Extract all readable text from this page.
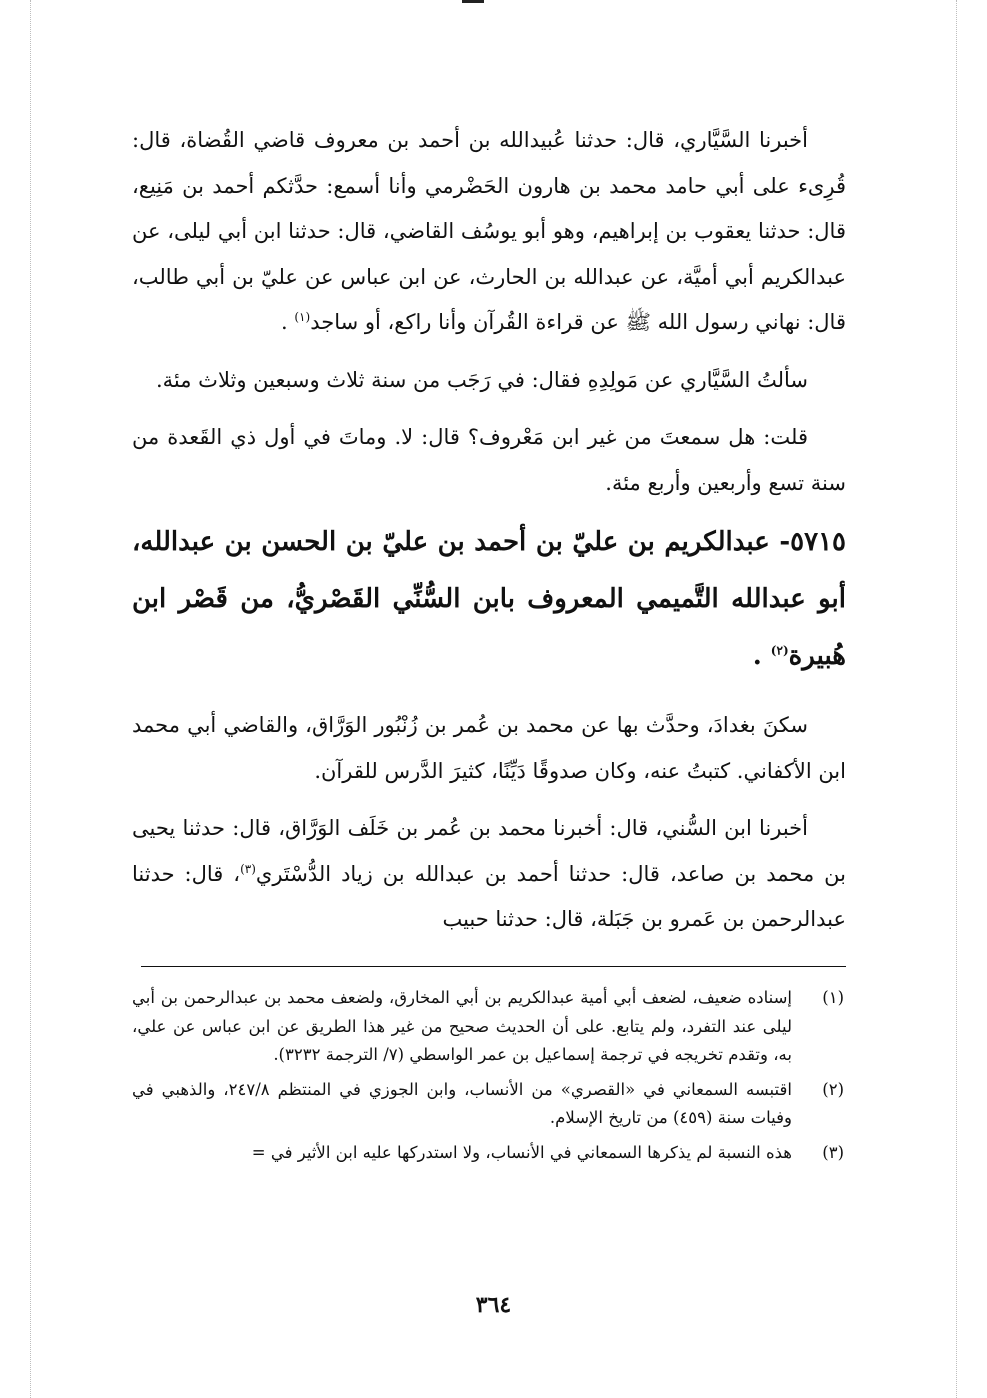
أخبرنا السَّيَّاري، قال: حدثنا عُبيدالله بن أحمد بن معروف قاضي القُضاة، قال: قُرِىء على أبي حامد محمد بن هارون الحَضْرمي وأنا أسمع: حدَّثكم أحمد بن مَنِيع، قال: حدثنا يعقوب بن إبراهيم، وهو أبو يوسُف القاضي، قال: حدثنا ابن أبي ليلى، عن عبدالكريم أبي أميَّة، عن عبدالله بن الحارث، عن ابن عباس عن عليّ بن أبي طالب، قال: نهاني رسول الله ﷺ عن قراءة القُرآن وأنا راكع، أو ساجد$^{(١)}$ .

سألتُ السَّيَّاري عن مَولِدِهِ فقال: في رَجَب من سنة ثلاث وسبعين وثلاث مئة.

قلت: هل سمعتَ من غير ابن مَعْروف؟ قال: لا. وماتَ في أول ذي القَعدة من سنة تسع وأربعين وأربع مئة.

٥٧١٥- عبدالكريم بن عليّ بن أحمد بن عليّ بن الحسن بن عبدالله، أبو عبدالله التَّميمي المعروف بابن السُّنِّي القَصْريُّ، من قَصْر ابن هُبيرة$^{(٢)}$ .

سكنَ بغدادَ، وحدَّث بها عن محمد بن عُمر بن زُنْبُور الوَرَّاق، والقاضي أبي محمد ابن الأكفاني. كتبتُ عنه، وكان صدوقًا دَيِّنًا، كثيرَ الدَّرس للقرآن.

أخبرنا ابن السُّني، قال: أخبرنا محمد بن عُمر بن خَلَف الوَرَّاق، قال: حدثنا يحيى بن محمد بن صاعد، قال: حدثنا أحمد بن عبدالله بن زياد الدُّسْتَري$^{(٣)}$، قال: حدثنا عبدالرحمن بن عَمرو بن جَبَلة، قال: حدثنا حبيب

(١)
إسناده ضعيف، لضعف أبي أمية عبدالكريم بن أبي المخارق، ولضعف محمد بن عبدالرحمن بن أبي ليلى عند التفرد، ولم يتابع. على أن الحديث صحيح من غير هذا الطريق عن ابن عباس عن علي، به، وتقدم تخريجه في ترجمة إسماعيل بن عمر الواسطي (٧/ الترجمة ٣٢٣٢).
(٢)
اقتبسه السمعاني في «القصري» من الأنساب، وابن الجوزي في المنتظم ٢٤٧/٨، والذهبي في وفيات سنة (٤٥٩) من تاريخ الإسلام.
(٣)
هذه النسبة لم يذكرها السمعاني في الأنساب، ولا استدركها عليه ابن الأثير في =
٣٦٤
